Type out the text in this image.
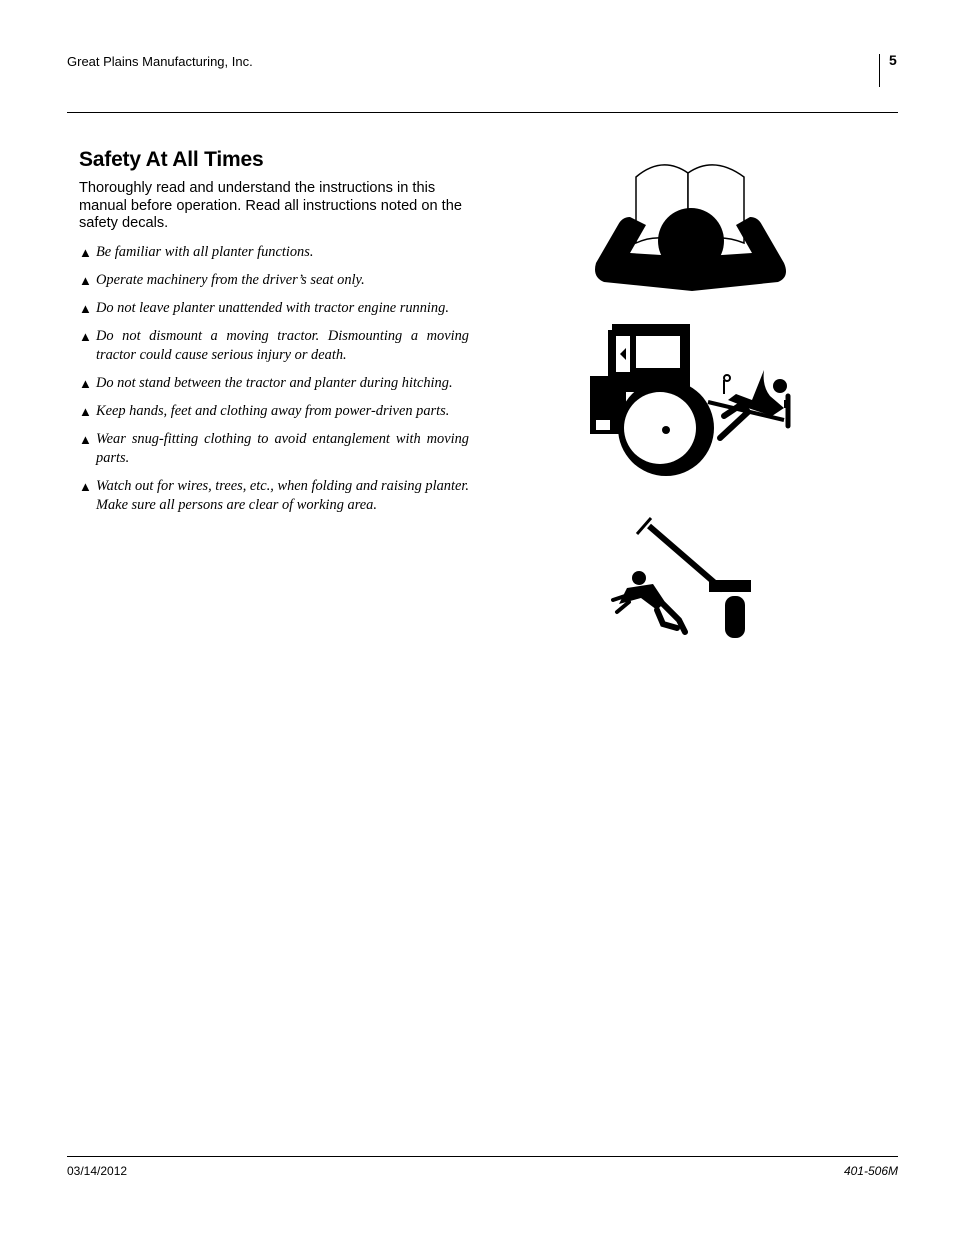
Great Plains Manufacturing, Inc.	5
Safety At All Times

Thoroughly read and understand the instructions in this manual before operation. Read all instructions noted on the safety decals.

▲ Be familiar with all planter functions.
▲ Operate machinery from the driver’s seat only.
▲ Do not leave planter unattended with tractor engine running.
▲ Do not dismount a moving tractor. Dismounting a moving tractor could cause serious injury or death.
▲ Do not stand between the tractor and planter during hitching.
▲ Keep hands, feet and clothing away from power-driven parts.
▲ Wear snug-fitting clothing to avoid entanglement with moving parts.
▲ Watch out for wires, trees, etc., when folding and raising planter. Make sure all persons are clear of working area.
03/14/2012	401-506M
